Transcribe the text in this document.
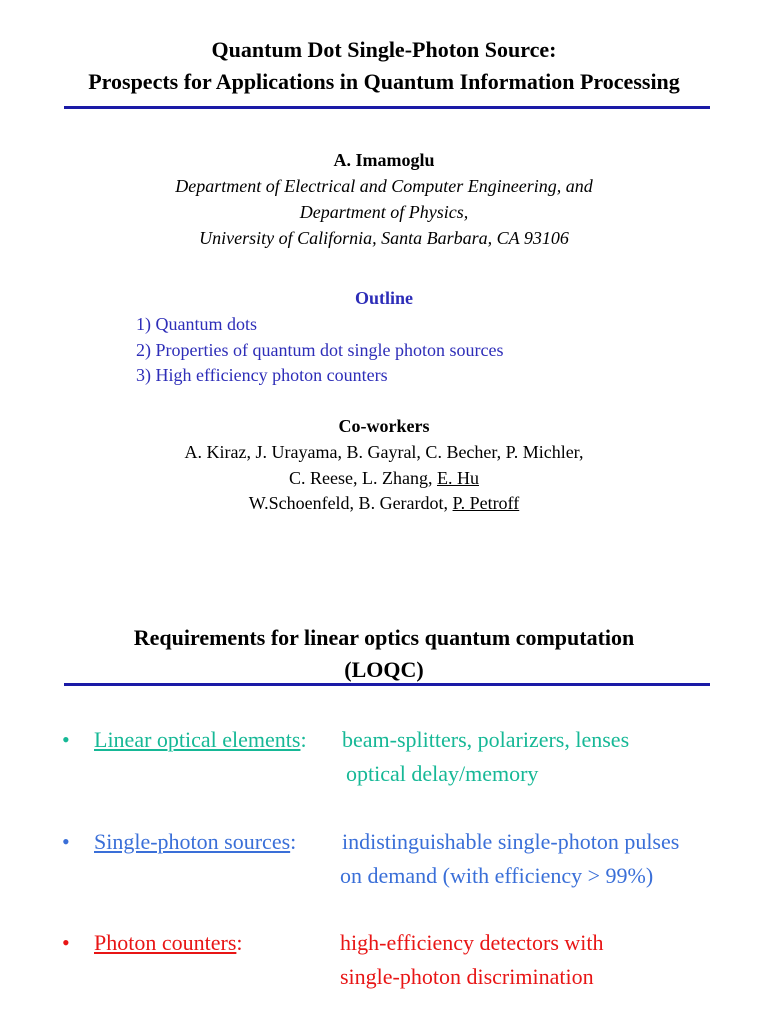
Quantum Dot Single-Photon Source:
Prospects for Applications in Quantum Information Processing
A. Imamoglu
Department of Electrical and Computer Engineering, and
Department of Physics,
University of California, Santa Barbara, CA 93106
Outline
1) Quantum dots
2) Properties of quantum dot single photon sources
3) High efficiency photon counters
Co-workers
A. Kiraz, J. Urayama, B. Gayral, C. Becher, P. Michler,
C. Reese, L. Zhang, E. Hu
W.Schoenfeld, B. Gerardot, P. Petroff
Requirements for linear optics quantum computation
(LOQC)
• Linear optical elements: beam-splitters, polarizers, lenses
optical delay/memory
• Single-photon sources: indistinguishable single-photon pulses
on demand (with efficiency > 99%)
• Photon counters:	high-efficiency detectors with
single-photon discrimination
